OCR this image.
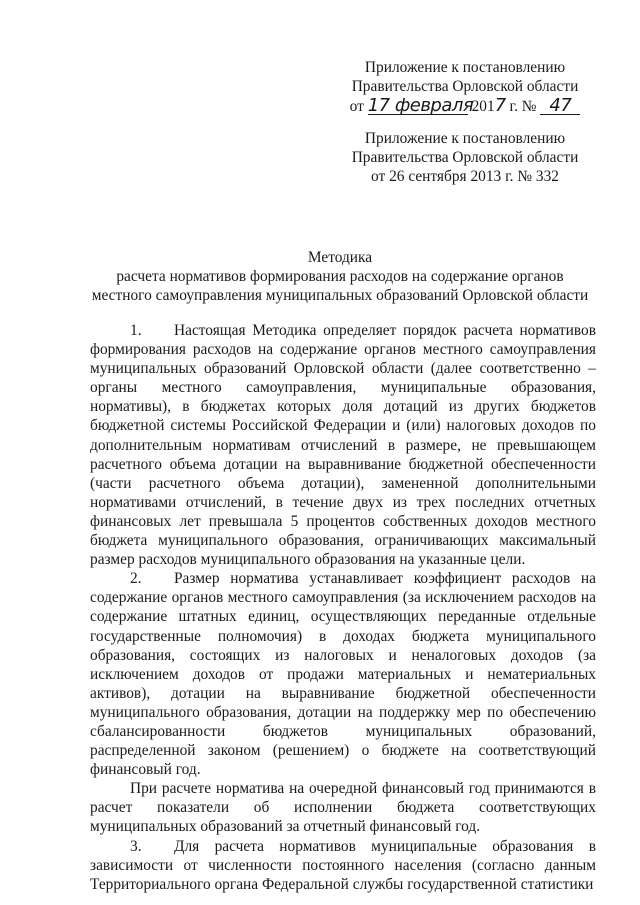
Приложение к постановлению

Правительства Орловской области

от 17 февраля 2017 г. № 47

Приложение к постановлению

Правительства Орловской области

от 26 сентября 2013 г. № 332

Методика

расчета нормативов формирования расходов на содержание органов

местного самоуправления муниципальных образований Орловской области

1. Настоящая Методика определяет порядок расчета нормативов формирования расходов на содержание органов местного самоуправления муниципальных образований Орловской области (далее соответственно – органы местного самоуправления, муниципальные образования, нормативы), в бюджетах которых доля дотаций из других бюджетов бюджетной системы Российской Федерации и (или) налоговых доходов по дополнительным нормативам отчислений в размере, не превышающем расчетного объема дотации на выравнивание бюджетной обеспеченности (части расчетного объема дотации), замененной дополнительными нормативами отчислений, в течение двух из трех последних отчетных финансовых лет превышала 5 процентов собственных доходов местного бюджета муниципального образования, ограничивающих максимальный размер расходов муниципального образования на указанные цели.

2. Размер норматива устанавливает коэффициент расходов на содержание органов местного самоуправления (за исключением расходов на содержание штатных единиц, осуществляющих переданные отдельные государственные полномочия) в доходах бюджета муниципального образования, состоящих из налоговых и неналоговых доходов (за исключением доходов от продажи материальных и нематериальных активов), дотации на выравнивание бюджетной обеспеченности муниципального образования, дотации на поддержку мер по обеспечению сбалансированности бюджетов муниципальных образований, распределенной законом (решением) о бюджете на соответствующий финансовый год.

При расчете норматива на очередной финансовый год принимаются в расчет показатели об исполнении бюджета соответствующих муниципальных образований за отчетный финансовый год.

3. Для расчета нормативов муниципальные образования в зависимости от численности постоянного населения (согласно данным Территориального органа Федеральной службы государственной статистики
